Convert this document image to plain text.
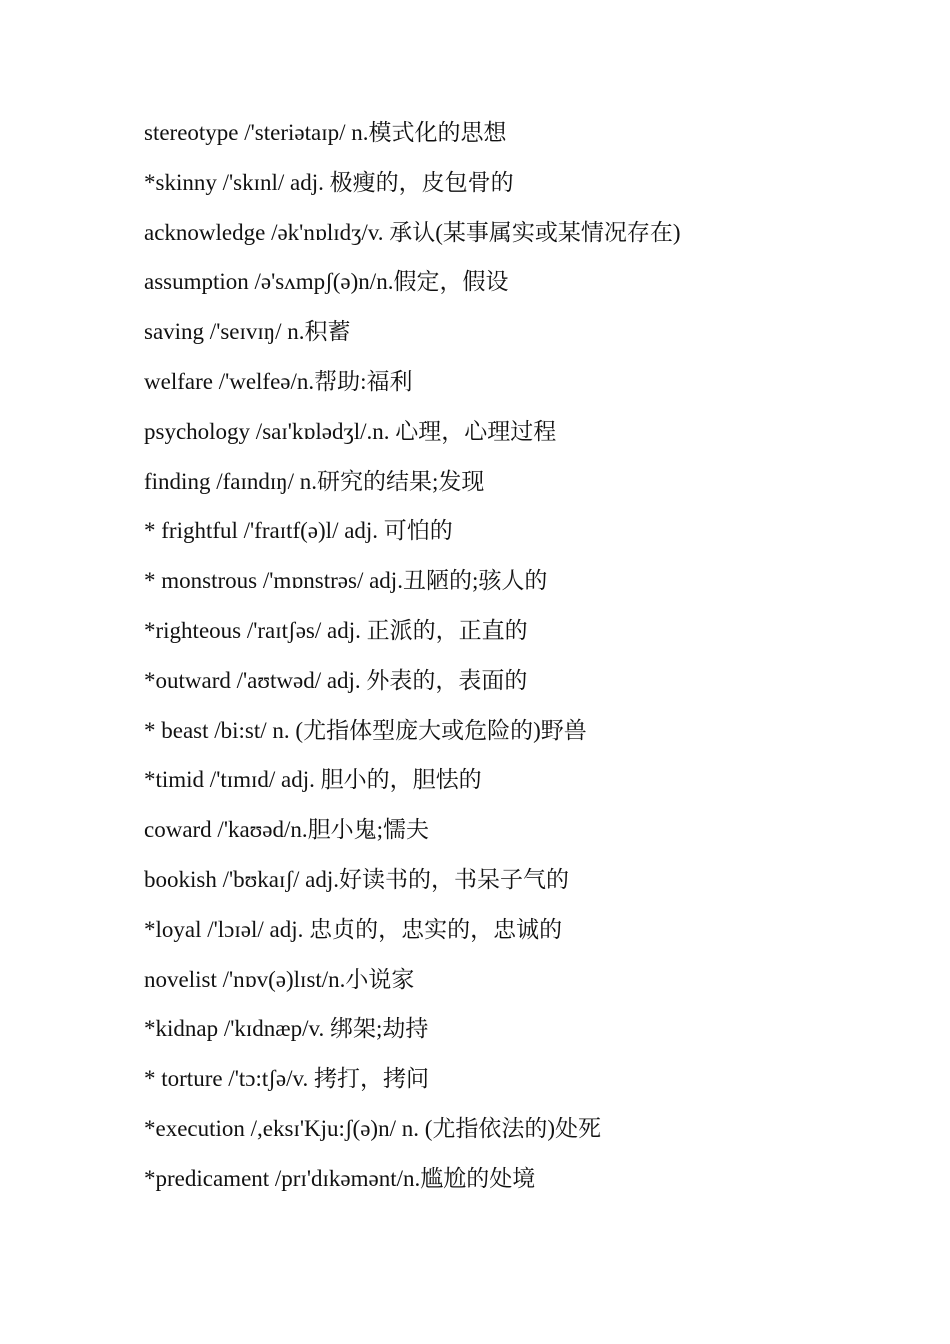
stereotype /'steriətaɪp/ n.模式化的思想
*skinny /'skɪnl/ adj. 极瘦的，皮包骨的
acknowledge /ək'nɒlɪdʒ/v. 承认(某事属实或某情况存在)
assumption /ə'sʌmpʃ(ə)n/n.假定，假设
saving /'seɪvɪŋ/ n.积蓄
welfare /'welfeə/n.帮助:福利
psychology /saɪ'kɒlədʒl/.n. 心理，心理过程
finding /faɪndɪŋ/ n.研究的结果;发现
* frightful /'fraɪtf(ə)l/ adj. 可怕的
* monstrous /'mɒnstrəs/ adj.丑陋的;骇人的
*righteous /'raɪtʃəs/ adj. 正派的，正直的
*outward /'aʊtwəd/ adj. 外表的，表面的
* beast /bi:st/ n. (尤指体型庞大或危险的)野兽
*timid /'tɪmɪd/ adj. 胆小的，胆怯的
coward /'kaʊəd/n.胆小鬼;懦夫
bookish /'bʊkaɪʃ/ adj.好读书的，书呆子气的
*loyal /'lɔɪəl/ adj. 忠贞的，忠实的，忠诚的
novelist /'nɒv(ə)lɪst/n.小说家
*kidnap /'kɪdnæp/v. 绑架;劫持
* torture /'tɔ:tʃə/v. 拷打，拷问
*execution /,eksɪ'Kju:ʃ(ə)n/ n. (尤指依法的)处死
*predicament /prɪ'dɪkəmənt/n.尴尬的处境
